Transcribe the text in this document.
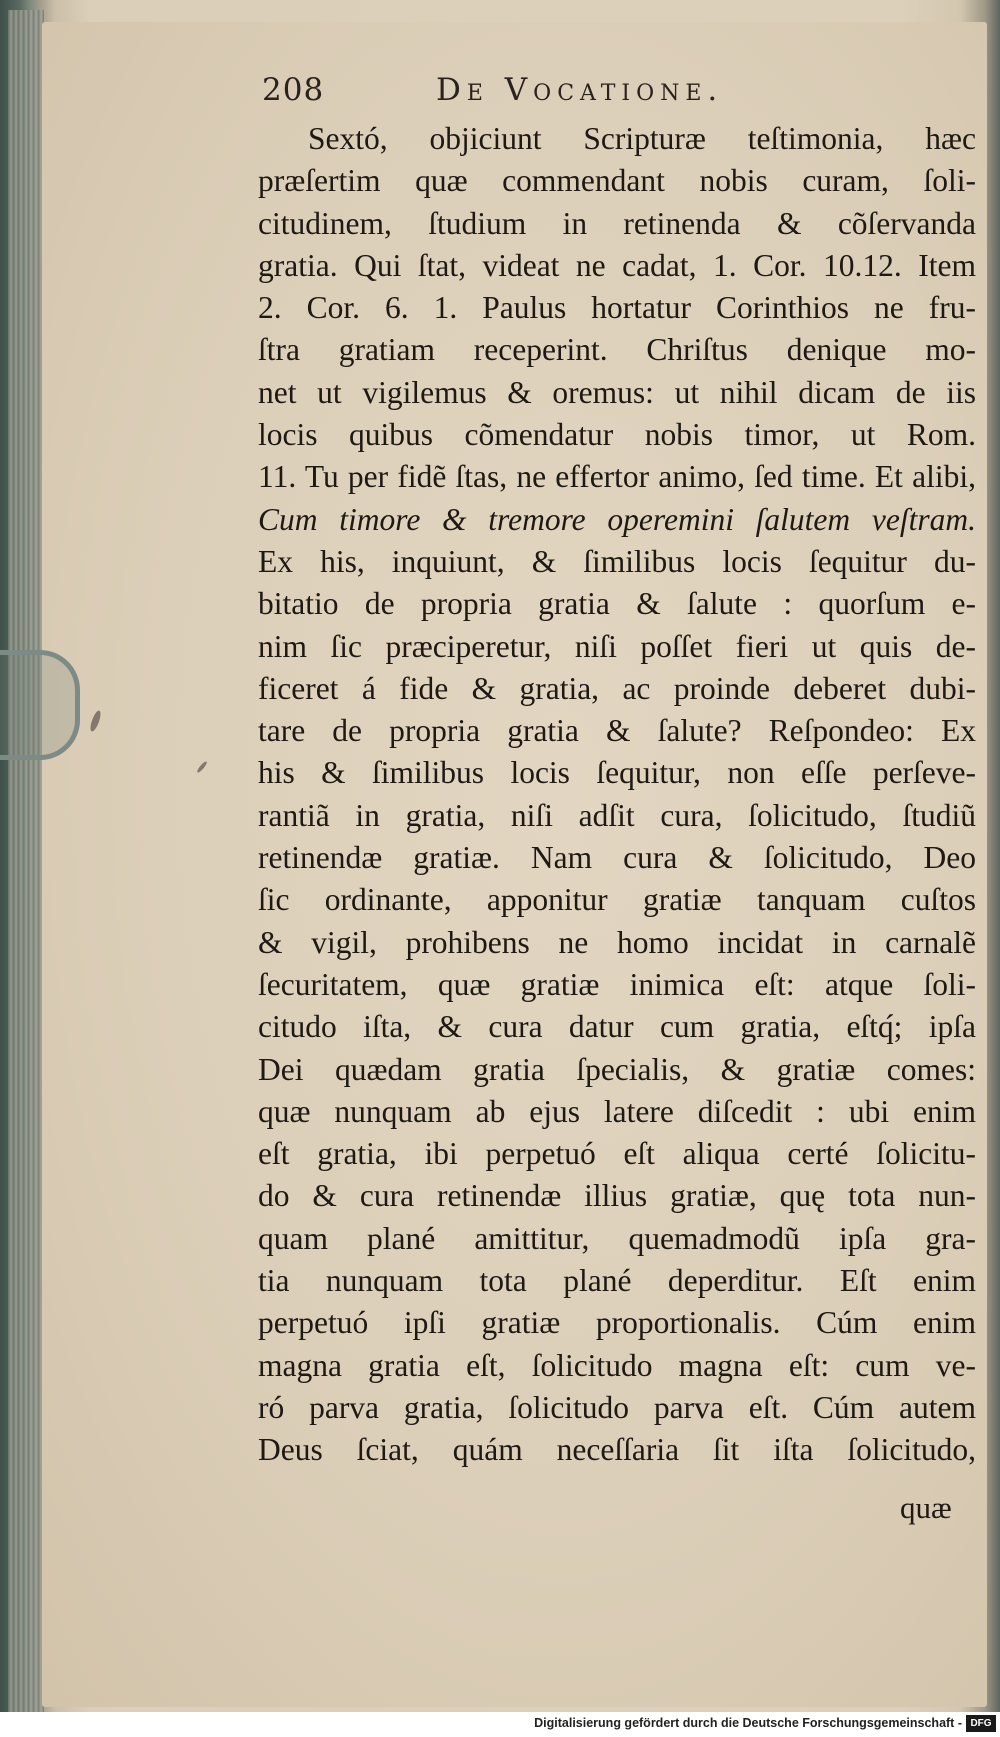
208	De Vocatione.
Sextó, objiciunt Scripturæ teſtimonia, hæc
præſertim quæ commendant nobis curam, ſoli-
citudinem, ſtudium in retinenda & cõſervanda
gratia. Qui ſtat, videat ne cadat, 1. Cor. 10.12. Item
2. Cor. 6. 1. Paulus hortatur Corinthios ne fru-
ſtra gratiam receperint. Chriſtus denique mo-
net ut vigilemus & oremus: ut nihil dicam de iis
locis quibus cõmendatur nobis timor, ut Rom.
11. Tu per fidẽ ſtas, ne effertor animo, ſed time. Et alibi,
Cum timore & tremore operemini ſalutem veſtram.
Ex his, inquiunt, & ſimilibus locis ſequitur du-
bitatio de propria gratia & ſalute : quorſum e-
nim ſic præciperetur, niſi poſſet fieri ut quis de-
ficeret á fide & gratia, ac proinde deberet dubi-
tare de propria gratia & ſalute? Reſpondeo: Ex
his & ſimilibus locis ſequitur, non eſſe perſeve-
rantiã in gratia, niſi adſit cura, ſolicitudo, ſtudiũ
retinendæ gratiæ. Nam cura & ſolicitudo, Deo
ſic ordinante, apponitur gratiæ tanquam cuſtos
& vigil, prohibens ne homo incidat in carnalẽ
ſecuritatem, quæ gratiæ inimica eſt: atque ſoli-
citudo iſta, & cura datur cum gratia, eſtq́; ipſa
Dei quædam gratia ſpecialis, & gratiæ comes:
quæ nunquam ab ejus latere diſcedit : ubi enim
eſt gratia, ibi perpetuó eſt aliqua certé ſolicitu-
do & cura retinendæ illius gratiæ, quę tota nun-
quam plané amittitur, quemadmodũ ipſa gra-
tia nunquam tota plané deperditur. Eſt enim
perpetuó ipſi gratiæ proportionalis. Cúm enim
magna gratia eſt, ſolicitudo magna eſt: cum ve-
ró parva gratia, ſolicitudo parva eſt. Cúm autem
Deus ſciat, quám neceſſaria ſit iſta ſolicitudo,
quæ
Digitalisierung gefördert durch die Deutsche Forschungsgemeinschaft - DFG
